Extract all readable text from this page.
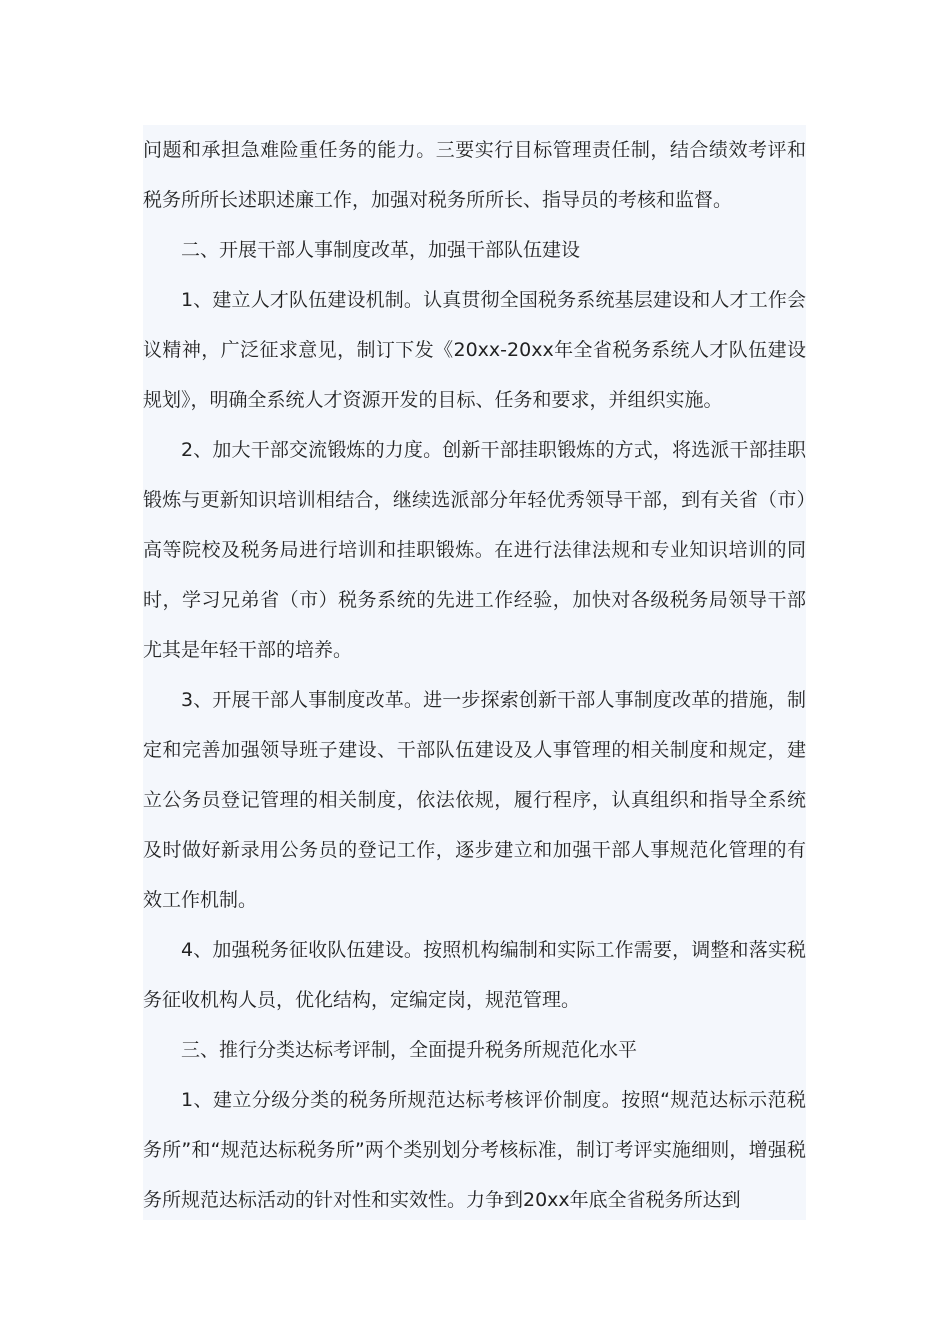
问题和承担急难险重任务的能力。三要实行目标管理责任制，结合绩效考评和税务所所长述职述廉工作，加强对税务所所长、指导员的考核和监督。

二、开展干部人事制度改革，加强干部队伍建设

1、建立人才队伍建设机制。认真贯彻全国税务系统基层建设和人才工作会议精神，广泛征求意见，制订下发《20xx-20xx年全省税务系统人才队伍建设规划》，明确全系统人才资源开发的目标、任务和要求，并组织实施。

2、加大干部交流锻炼的力度。创新干部挂职锻炼的方式，将选派干部挂职锻炼与更新知识培训相结合，继续选派部分年轻优秀领导干部，到有关省（市）高等院校及税务局进行培训和挂职锻炼。在进行法律法规和专业知识培训的同时，学习兄弟省（市）税务系统的先进工作经验，加快对各级税务局领导干部尤其是年轻干部的培养。

3、开展干部人事制度改革。进一步探索创新干部人事制度改革的措施，制定和完善加强领导班子建设、干部队伍建设及人事管理的相关制度和规定，建立公务员登记管理的相关制度，依法依规，履行程序，认真组织和指导全系统及时做好新录用公务员的登记工作，逐步建立和加强干部人事规范化管理的有效工作机制。

4、加强税务征收队伍建设。按照机构编制和实际工作需要，调整和落实税务征收机构人员，优化结构，定编定岗，规范管理。

三、推行分类达标考评制，全面提升税务所规范化水平

1、建立分级分类的税务所规范达标考核评价制度。按照“规范达标示范税务所”和“规范达标税务所”两个类别划分考核标准，制订考评实施细则，增强税务所规范达标活动的针对性和实效性。力争到20xx年底全省税务所达到
